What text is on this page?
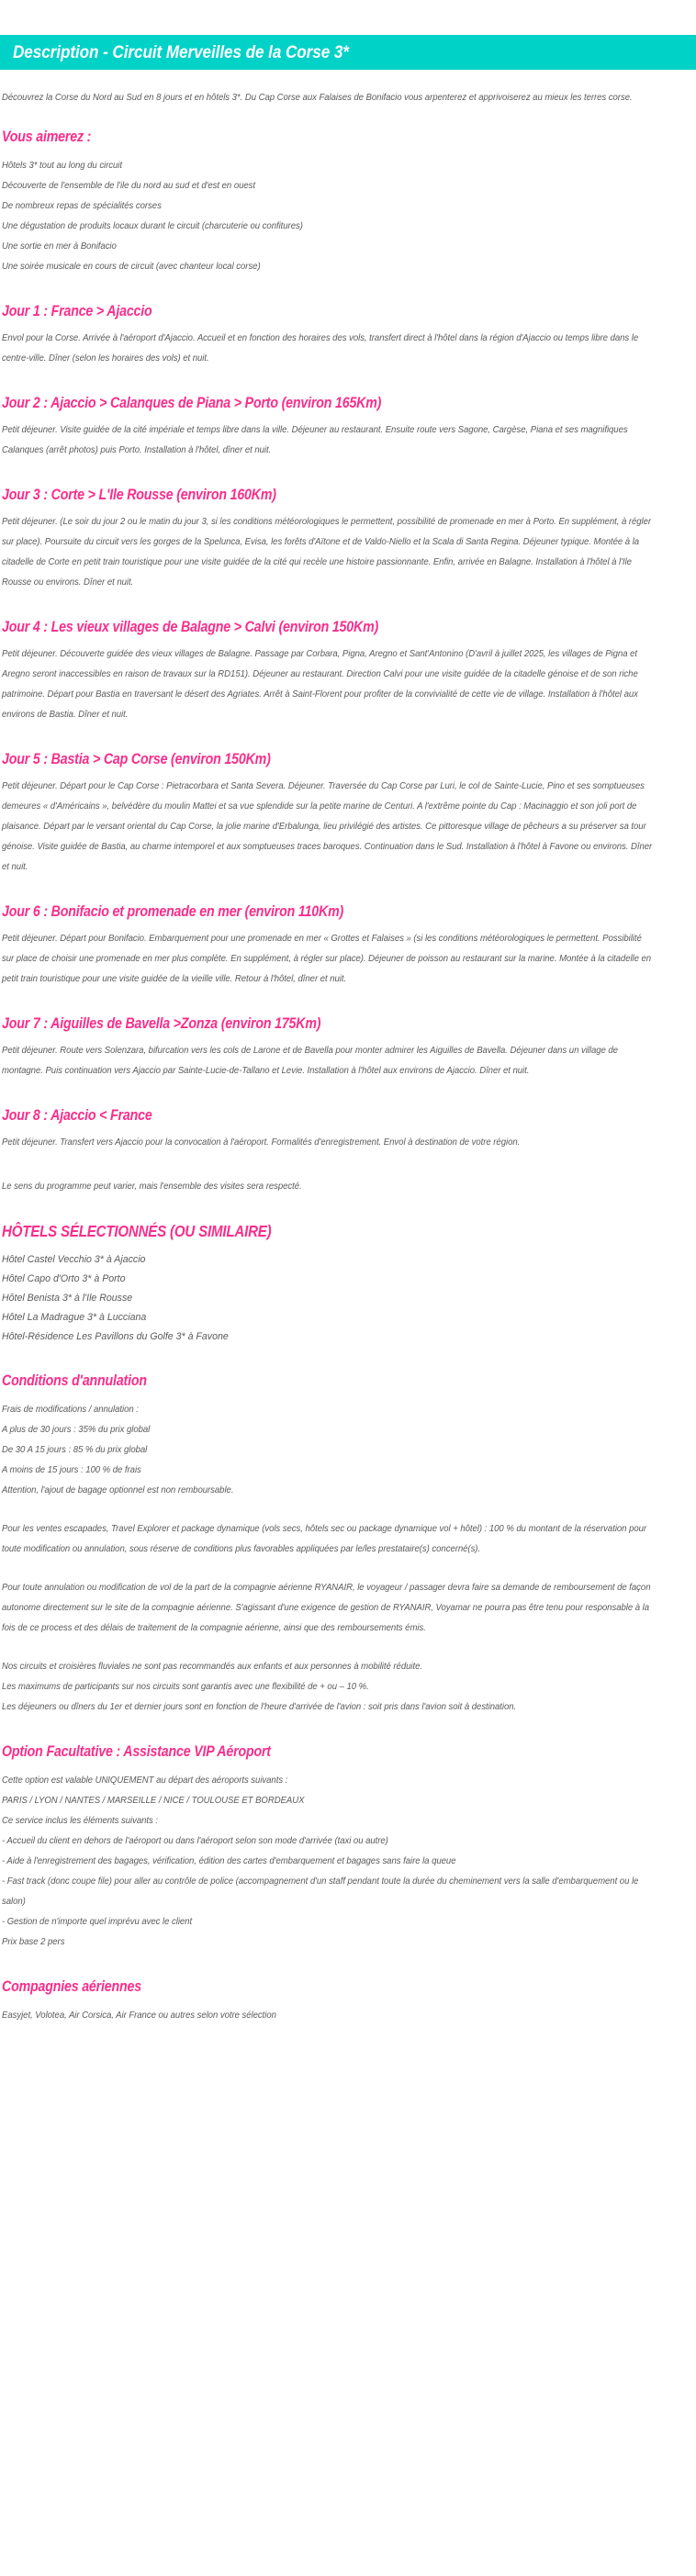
Description - Circuit Merveilles de la Corse 3*

Découvrez la Corse du Nord au Sud en 8 jours et en hôtels 3*. Du Cap Corse aux Falaises de Bonifacio vous arpenterez et apprivoiserez au mieux les terres corse.

Vous aimerez :
Hôtels 3* tout au long du circuit
Découverte de l'ensemble de l'ile du nord au sud et d'est en ouest
De nombreux repas de spécialités corses
Une dégustation de produits locaux durant le circuit (charcuterie ou confitures)
Une sortie en mer à Bonifacio
Une soirée musicale en cours de circuit (avec chanteur local corse)
Jour 1 : France > Ajaccio

Envol pour la Corse. Arrivée à l'aéroport d'Ajaccio. Accueil et en fonction des horaires des vols, transfert direct à l'hôtel dans la région d'Ajaccio ou temps libre dans le centre-ville. Dîner (selon les horaires des vols) et nuit.

Jour 2 : Ajaccio > Calanques de Piana > Porto (environ 165Km)

Petit déjeuner. Visite guidée de la cité impériale et temps libre dans la ville. Déjeuner au restaurant. Ensuite route vers Sagone, Cargèse, Piana et ses magnifiques Calanques (arrêt photos) puis Porto. Installation à l'hôtel, dîner et nuit.

Jour 3 : Corte > L'Ile Rousse (environ 160Km)

Petit déjeuner. (Le soir du jour 2 ou le matin du jour 3, si les conditions météorologiques le permettent, possibilité de promenade en mer à Porto. En supplément, à régler sur place). Poursuite du circuit vers les gorges de la Spelunca, Evisa, les forêts d'Aïtone et de Valdo-Niello et la Scala di Santa Regina. Déjeuner typique. Montée à la citadelle de Corte en petit train touristique pour une visite guidée de la cité qui recèle une histoire passionnante. Enfin, arrivée en Balagne. Installation à l'hôtel à l'Ile Rousse ou environs. Dîner et nuit.

Jour 4 : Les vieux villages de Balagne > Calvi (environ 150Km)

Petit déjeuner. Découverte guidée des vieux villages de Balagne. Passage par Corbara, Pigna, Aregno et Sant'Antonino (D'avril à juillet 2025, les villages de Pigna et Aregno seront inaccessibles en raison de travaux sur la RD151). Déjeuner au restaurant. Direction Calvi pour une visite guidée de la citadelle génoise et de son riche patrimoine. Départ pour Bastia en traversant le désert des Agriates. Arrêt à Saint-Florent pour profiter de la convivialité de cette vie de village. Installation à l'hôtel aux environs de Bastia. Dîner et nuit.

Jour 5 : Bastia > Cap Corse (environ 150Km)

Petit déjeuner. Départ pour le Cap Corse : Pietracorbara et Santa Severa. Déjeuner. Traversée du Cap Corse par Luri, le col de Sainte-Lucie, Pino et ses somptueuses demeures « d'Américains », belvédère du moulin Mattei et sa vue splendide sur la petite marine de Centuri. A l'extrême pointe du Cap : Macinaggio et son joli port de plaisance. Départ par le versant oriental du Cap Corse, la jolie marine d'Erbalunga, lieu privilégié des artistes. Ce pittoresque village de pêcheurs a su préserver sa tour génoise. Visite guidée de Bastia, au charme intemporel et aux somptueuses traces baroques. Continuation dans le Sud. Installation à l'hôtel à Favone ou environs. Dîner et nuit.

Jour 6 : Bonifacio et promenade en mer (environ 110Km)

Petit déjeuner. Départ pour Bonifacio. Embarquement pour une promenade en mer « Grottes et Falaises » (si les conditions météorologiques le permettent. Possibilité sur place de choisir une promenade en mer plus complète. En supplément, à régler sur place). Déjeuner de poisson au restaurant sur la marine. Montée à la citadelle en petit train touristique pour une visite guidée de la vieille ville. Retour à l'hôtel, dîner et nuit.

Jour 7 : Aiguilles de Bavella >Zonza (environ 175Km)

Petit déjeuner. Route vers Solenzara, bifurcation vers les cols de Larone et de Bavella pour monter admirer les Aiguilles de Bavella. Déjeuner dans un village de montagne. Puis continuation vers Ajaccio par Sainte-Lucie-de-Tallano et Levie. Installation à l'hôtel aux environs de Ajaccio. Dîner et nuit.

Jour 8 : Ajaccio < France

Petit déjeuner. Transfert vers Ajaccio pour la convocation à l'aéroport. Formalités d'enregistrement. Envol à destination de votre région.

Le sens du programme peut varier, mais l'ensemble des visites sera respecté.

HÔTELS SÉLECTIONNÉS (OU SIMILAIRE)
Hôtel Castel Vecchio 3* à Ajaccio
Hôtel Capo d'Orto 3* à Porto
Hôtel Benista 3* à l'Ile Rousse
Hôtel La Madrague 3* à Lucciana
Hôtel-Résidence Les Pavillons du Golfe 3* à Favone
Conditions d'annulation
Frais de modifications / annulation :
A plus de 30 jours : 35% du prix global
De 30 A 15 jours : 85 % du prix global
A moins de 15 jours : 100 % de frais
Attention, l'ajout de bagage optionnel est non remboursable.

Pour les ventes escapades, Travel Explorer et package dynamique (vols secs, hôtels sec ou package dynamique vol + hôtel) : 100 % du montant de la réservation pour toute modification ou annulation, sous réserve de conditions plus favorables appliquées par le/les prestataire(s) concerné(s).

Pour toute annulation ou modification de vol de la part de la compagnie aérienne RYANAIR, le voyageur / passager devra faire sa demande de remboursement de façon autonome directement sur le site de la compagnie aérienne. S'agissant d'une exigence de gestion de RYANAIR, Voyamar ne pourra pas être tenu pour responsable à la fois de ce process et des délais de traitement de la compagnie aérienne, ainsi que des remboursements émis.

Nos circuits et croisières fluviales ne sont pas recommandés aux enfants et aux personnes à mobilité réduite.
Les maximums de participants sur nos circuits sont garantis avec une flexibilité de + ou – 10 %.
Les déjeuners ou dîners du 1er et dernier jours sont en fonction de l'heure d'arrivée de l'avion : soit pris dans l'avion soit à destination.
Option Facultative : Assistance VIP Aéroport
Cette option est valable UNIQUEMENT au départ des aéroports suivants :
PARIS / LYON / NANTES / MARSEILLE / NICE / TOULOUSE ET BORDEAUX
Ce service inclus les éléments suivants :
- Accueil du client en dehors de l'aéroport ou dans l'aéroport selon son mode d'arrivée (taxi ou autre)
- Aide à l'enregistrement des bagages, vérification, édition des cartes d'embarquement et bagages sans faire la queue
- Fast track (donc coupe file) pour aller au contrôle de police (accompagnement d'un staff pendant toute la durée du cheminement vers la salle d'embarquement ou le salon)
- Gestion de n'importe quel imprévu avec le client
Prix base 2 pers
Compagnies aériennes

Easyjet, Volotea, Air Corsica, Air France ou autres selon votre sélection
